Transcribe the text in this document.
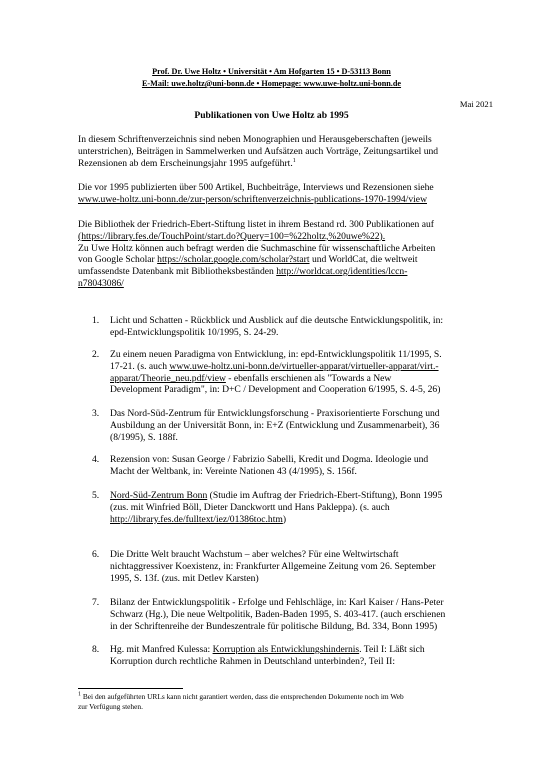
Prof. Dr. Uwe Holtz • Universität • Am Hofgarten 15 • D-53113 Bonn
E-Mail: uwe.holtz@uni-bonn.de • Homepage: www.uwe-holtz.uni-bonn.de
Mai 2021
Publikationen von Uwe Holtz ab 1995
In diesem Schriftenverzeichnis sind neben Monographien und Herausgeberschaften (jeweils
unterstrichen), Beiträgen in Sammelwerken und Aufsätzen auch Vorträge, Zeitungsartikel und
Rezensionen ab dem Erscheinungsjahr 1995 aufgeführt.$^1$
Die vor 1995 publizierten über 500 Artikel, Buchbeiträge, Interviews und Rezensionen siehe
www.uwe-holtz.uni-bonn.de/zur-person/schriftenverzeichnis-publications-1970-1994/view
Die Bibliothek der Friedrich-Ebert-Stiftung listet in ihrem Bestand rd. 300 Publikationen auf
(https://library.fes.de/TouchPoint/start.do?Query=100=%22holtz,%20uwe%22).
Zu Uwe Holtz können auch befragt werden die Suchmaschine für wissenschaftliche Arbeiten
von Google Scholar https://scholar.google.com/scholar?start und WorldCat, die weltweit
umfassendste Datenbank mit Bibliotheksbeständen http://worldcat.org/identities/lccn-
n78043086/
1. Licht und Schatten - Rückblick und Ausblick auf die deutsche Entwicklungspolitik, in:
epd-Entwicklungspolitik 10/1995, S. 24-29.
2. Zu einem neuen Paradigma von Entwicklung, in: epd-Entwicklungspolitik 11/1995, S.
17-21. (s. auch www.uwe-holtz.uni-bonn.de/virtueller-apparat/virtueller-apparat/virt.-
apparat/Theorie_neu.pdf/view - ebenfalls erschienen als "Towards a New
Development Paradigm", in: D+C / Development and Cooperation 6/1995, S. 4-5, 26)
3. Das Nord-Süd-Zentrum für Entwicklungsforschung - Praxisorientierte Forschung und
Ausbildung an der Universität Bonn, in: E+Z (Entwicklung und Zusammenarbeit), 36
(8/1995), S. 188f.
4. Rezension von: Susan George / Fabrizio Sabelli, Kredit und Dogma. Ideologie und
Macht der Weltbank, in: Vereinte Nationen 43 (4/1995), S. 156f.
5. Nord-Süd-Zentrum Bonn (Studie im Auftrag der Friedrich-Ebert-Stiftung), Bonn 1995
(zus. mit Winfried Böll, Dieter Danckwortt und Hans Pakleppa). (s. auch
http://library.fes.de/fulltext/iez/01386toc.htm)
6. Die Dritte Welt braucht Wachstum – aber welches? Für eine Weltwirtschaft
nichtaggressiver Koexistenz, in: Frankfurter Allgemeine Zeitung vom 26. September
1995, S. 13f. (zus. mit Detlev Karsten)
7. Bilanz der Entwicklungspolitik - Erfolge und Fehlschläge, in: Karl Kaiser / Hans-Peter
Schwarz (Hg.), Die neue Weltpolitik, Baden-Baden 1995, S. 403-417. (auch erschienen
in der Schriftenreihe der Bundeszentrale für politische Bildung, Bd. 334, Bonn 1995)
8. Hg. mit Manfred Kulessa: Korruption als Entwicklungshindernis. Teil I: Läßt sich
Korruption durch rechtliche Rahmen in Deutschland unterbinden?, Teil II:
$^1$ Bei den aufgeführten URLs kann nicht garantiert werden, dass die entsprechenden Dokumente noch im Web
zur Verfügung stehen.
